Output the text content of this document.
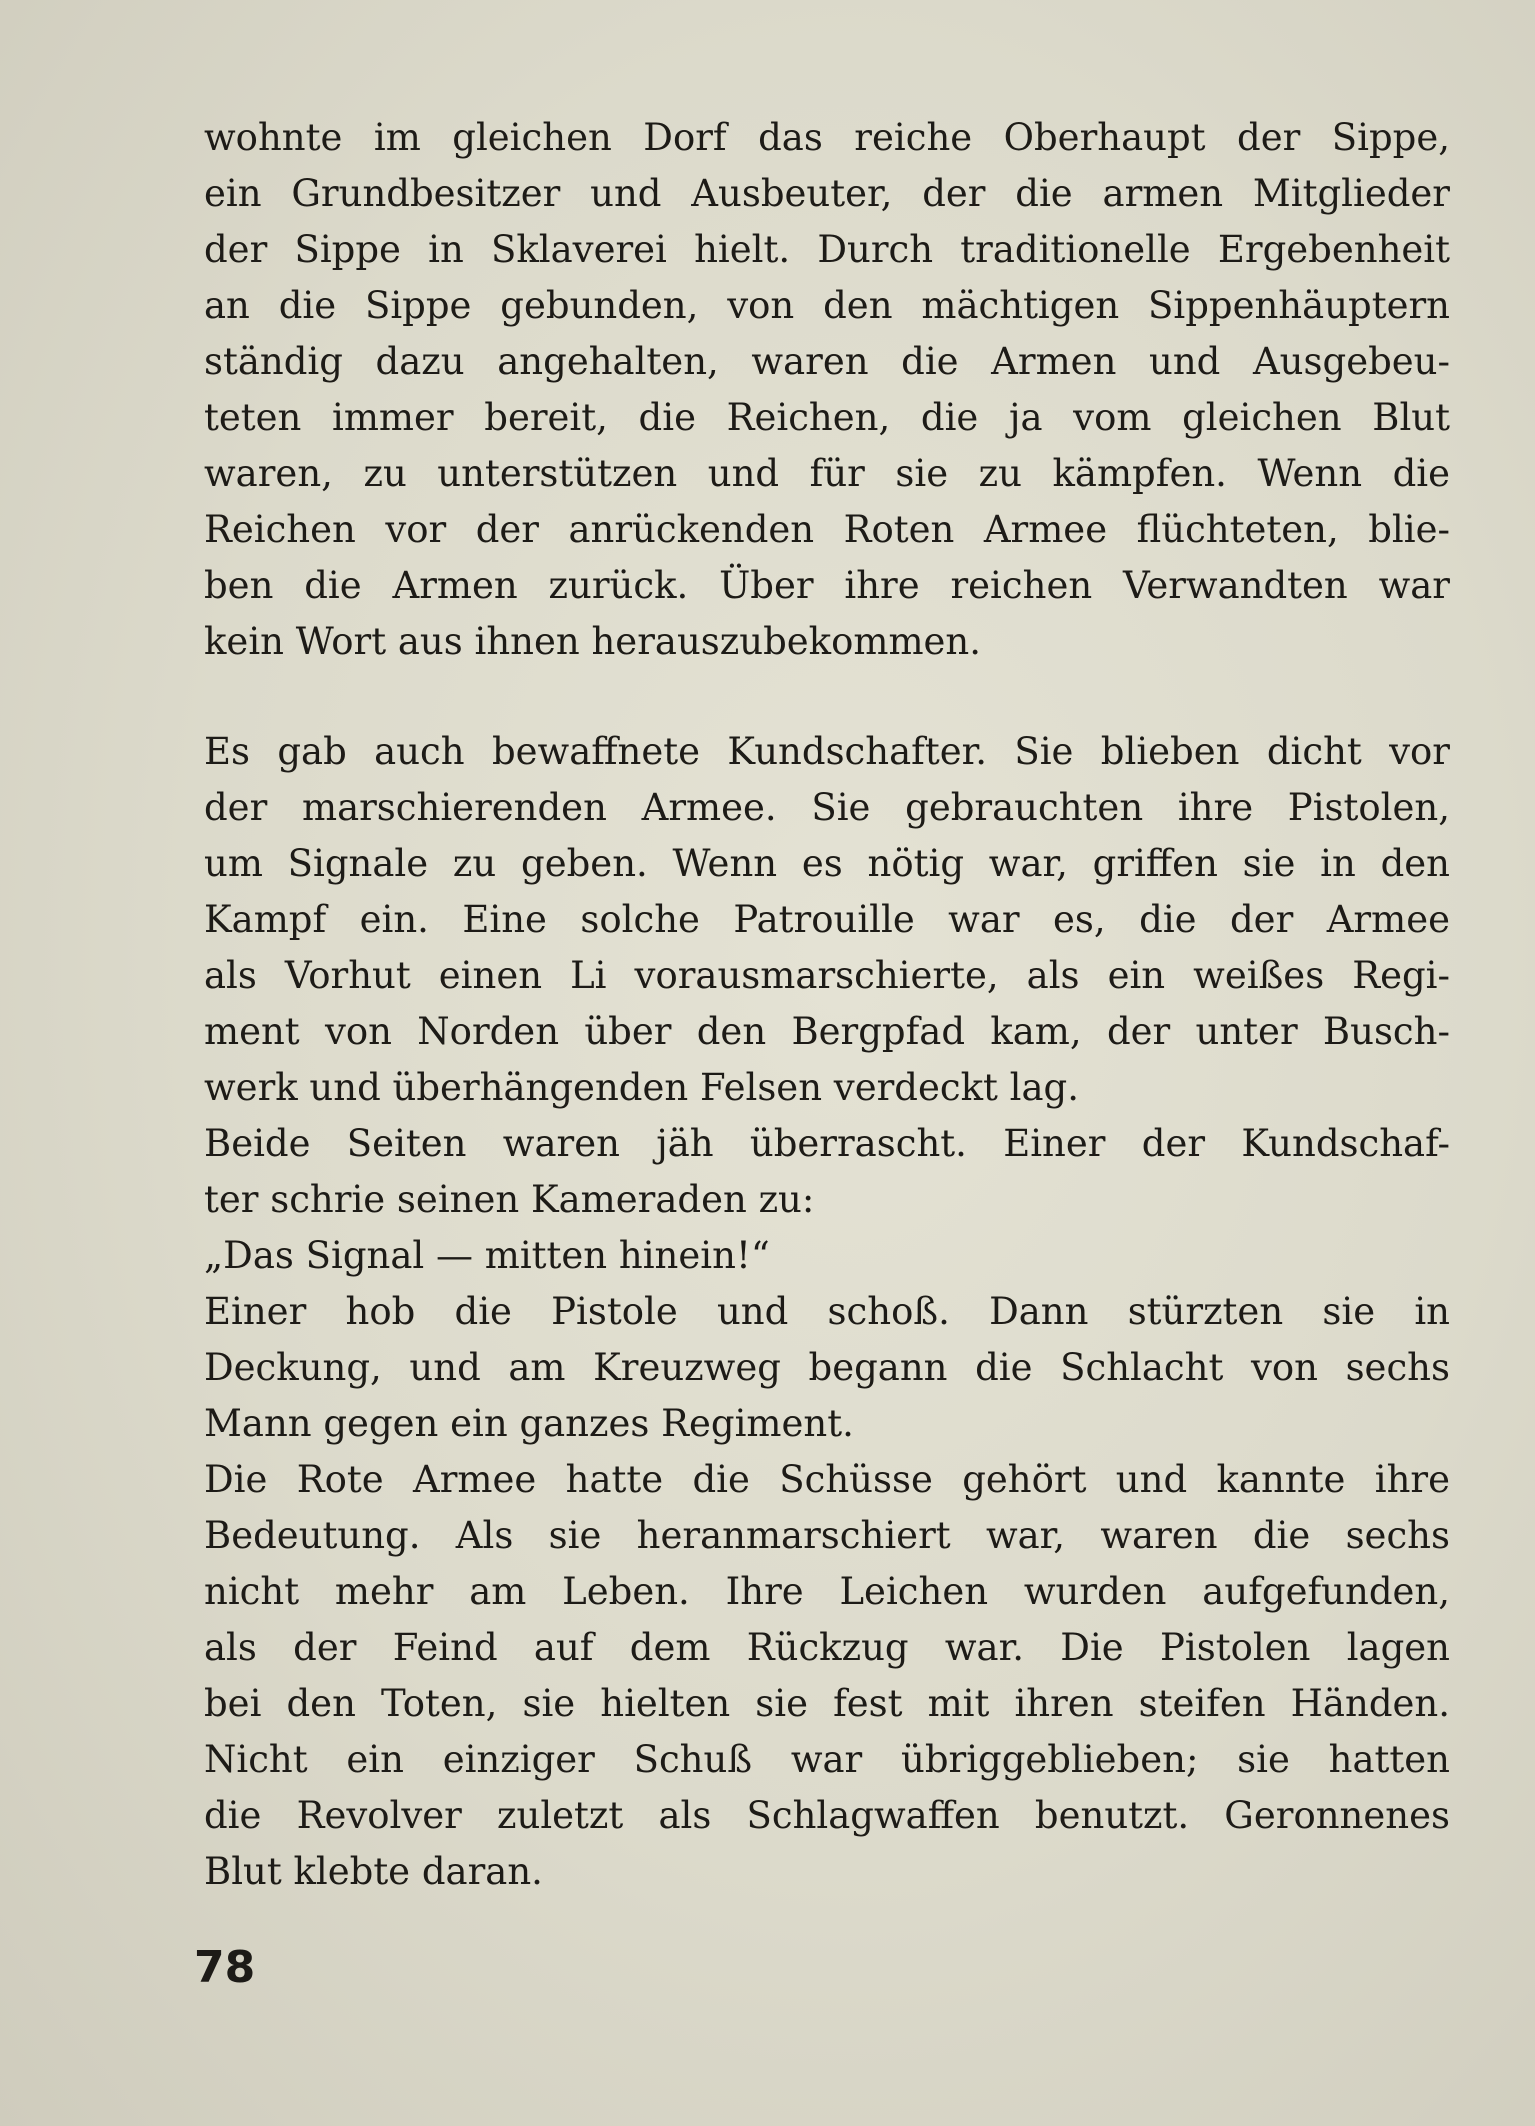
wohnte im gleichen Dorf das reiche Oberhaupt der Sippe,

ein Grundbesitzer und Ausbeuter, der die armen Mitglieder

der Sippe in Sklaverei hielt. Durch traditionelle Ergebenheit

an die Sippe gebunden, von den mächtigen Sippenhäuptern

ständig dazu angehalten, waren die Armen und Ausgebeu-

teten immer bereit, die Reichen, die ja vom gleichen Blut

waren, zu unterstützen und für sie zu kämpfen. Wenn die

Reichen vor der anrückenden Roten Armee flüchteten, blie-

ben die Armen zurück. Über ihre reichen Verwandten war

kein Wort aus ihnen herauszubekommen.

Es gab auch bewaffnete Kundschafter. Sie blieben dicht vor

der marschierenden Armee. Sie gebrauchten ihre Pistolen,

um Signale zu geben. Wenn es nötig war, griffen sie in den

Kampf ein. Eine solche Patrouille war es, die der Armee

als Vorhut einen Li vorausmarschierte, als ein weißes Regi-

ment von Norden über den Bergpfad kam, der unter Busch-

werk und überhängenden Felsen verdeckt lag.

Beide Seiten waren jäh überrascht. Einer der Kundschaf-

ter schrie seinen Kameraden zu:

„Das Signal — mitten hinein!“

Einer hob die Pistole und schoß. Dann stürzten sie in

Deckung, und am Kreuzweg begann die Schlacht von sechs

Mann gegen ein ganzes Regiment.

Die Rote Armee hatte die Schüsse gehört und kannte ihre

Bedeutung. Als sie heranmarschiert war, waren die sechs

nicht mehr am Leben. Ihre Leichen wurden aufgefunden,

als der Feind auf dem Rückzug war. Die Pistolen lagen

bei den Toten, sie hielten sie fest mit ihren steifen Händen.

Nicht ein einziger Schuß war übriggeblieben; sie hatten

die Revolver zuletzt als Schlagwaffen benutzt. Geronnenes

Blut klebte daran.

78
